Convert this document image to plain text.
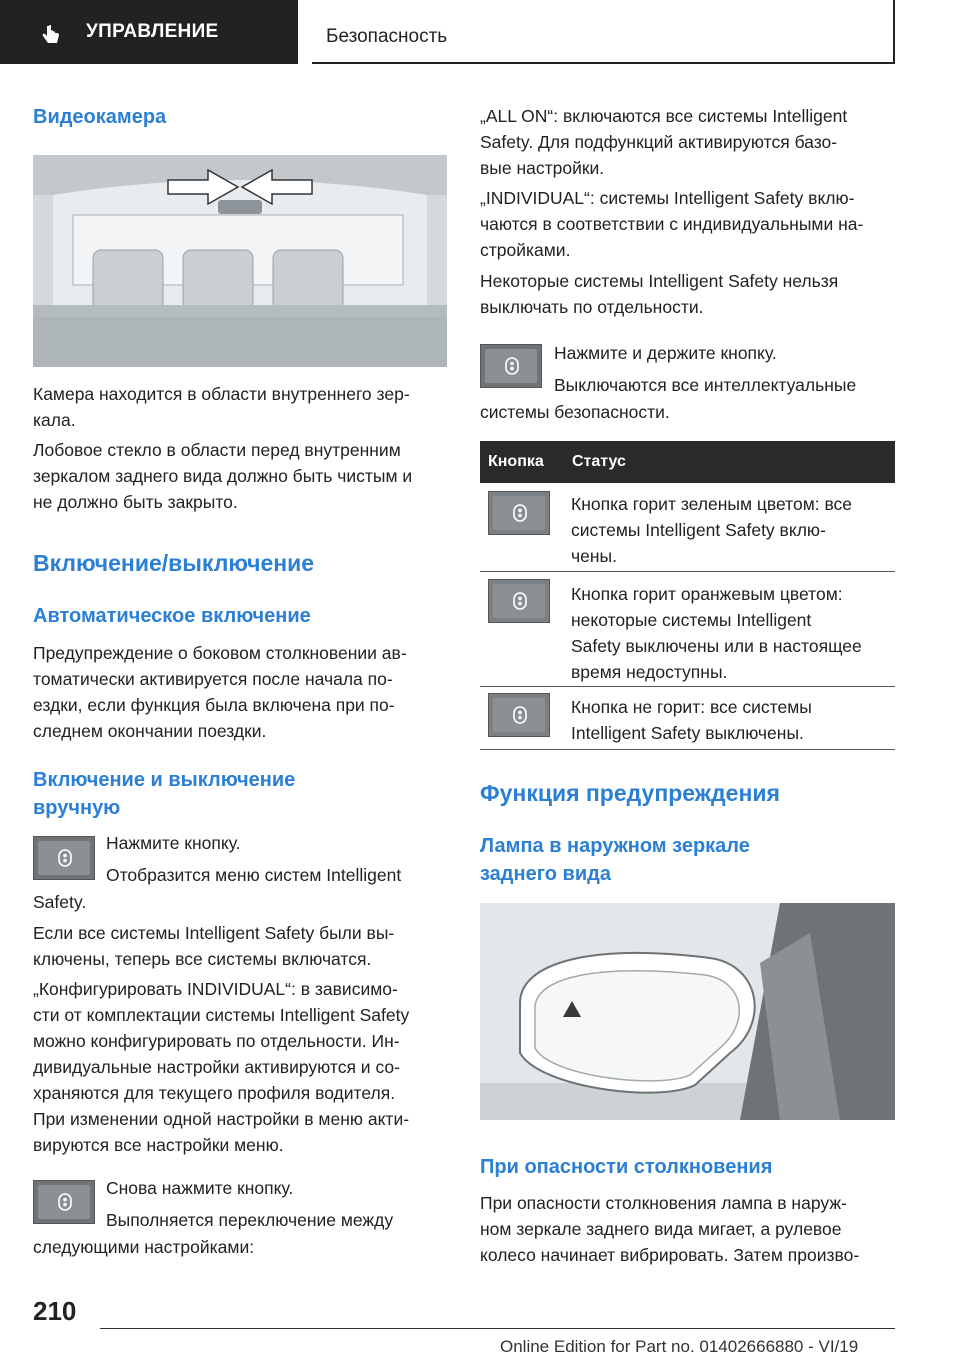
УПРАВЛЕНИЕ	Безопасность
Видеокамера
Камера находится в области внутреннего зер-
кала.
Лобовое стекло в области перед внутренним
зеркалом заднего вида должно быть чистым и
не должно быть закрыто.
Включение/выключение
Автоматическое включение
Предупреждение о боковом столкновении ав-
томатически активируется после начала по-
ездки, если функция была включена при по-
следнем окончании поездки.
Включение и выключение
вручную
Нажмите кнопку.
Отобразится меню систем Intelligent
Safety.
Если все системы Intelligent Safety были вы-
ключены, теперь все системы включатся.
„Конфигурировать INDIVIDUAL“: в зависимо-
сти от комплектации системы Intelligent Safety
можно конфигурировать по отдельности. Ин-
дивидуальные настройки активируются и со-
храняются для текущего профиля водителя.
При изменении одной настройки в меню акти-
вируются все настройки меню.
Снова нажмите кнопку.
Выполняется переключение между
следующими настройками:
„ALL ON“: включаются все системы Intelligent
Safety. Для подфункций активируются базо-
вые настройки.
„INDIVIDUAL“: системы Intelligent Safety вклю-
чаются в соответствии с индивидуальными на-
стройками.
Некоторые системы Intelligent Safety нельзя
выключать по отдельности.
Нажмите и держите кнопку.
Выключаются все интеллектуальные
системы безопасности.
Кнопка Статус
Кнопка горит зеленым цветом: все
системы Intelligent Safety вклю-
чены.
Кнопка горит оранжевым цветом:
некоторые системы Intelligent
Safety выключены или в настоящее
время недоступны.
Кнопка не горит: все системы
Intelligent Safety выключены.
Функция предупреждения
Лампа в наружном зеркале
заднего вида
При опасности столкновения
При опасности столкновения лампа в наруж-
ном зеркале заднего вида мигает, а рулевое
колесо начинает вибрировать. Затем произво-
210
Online Edition for Part no. 01402666880 - VI/19
